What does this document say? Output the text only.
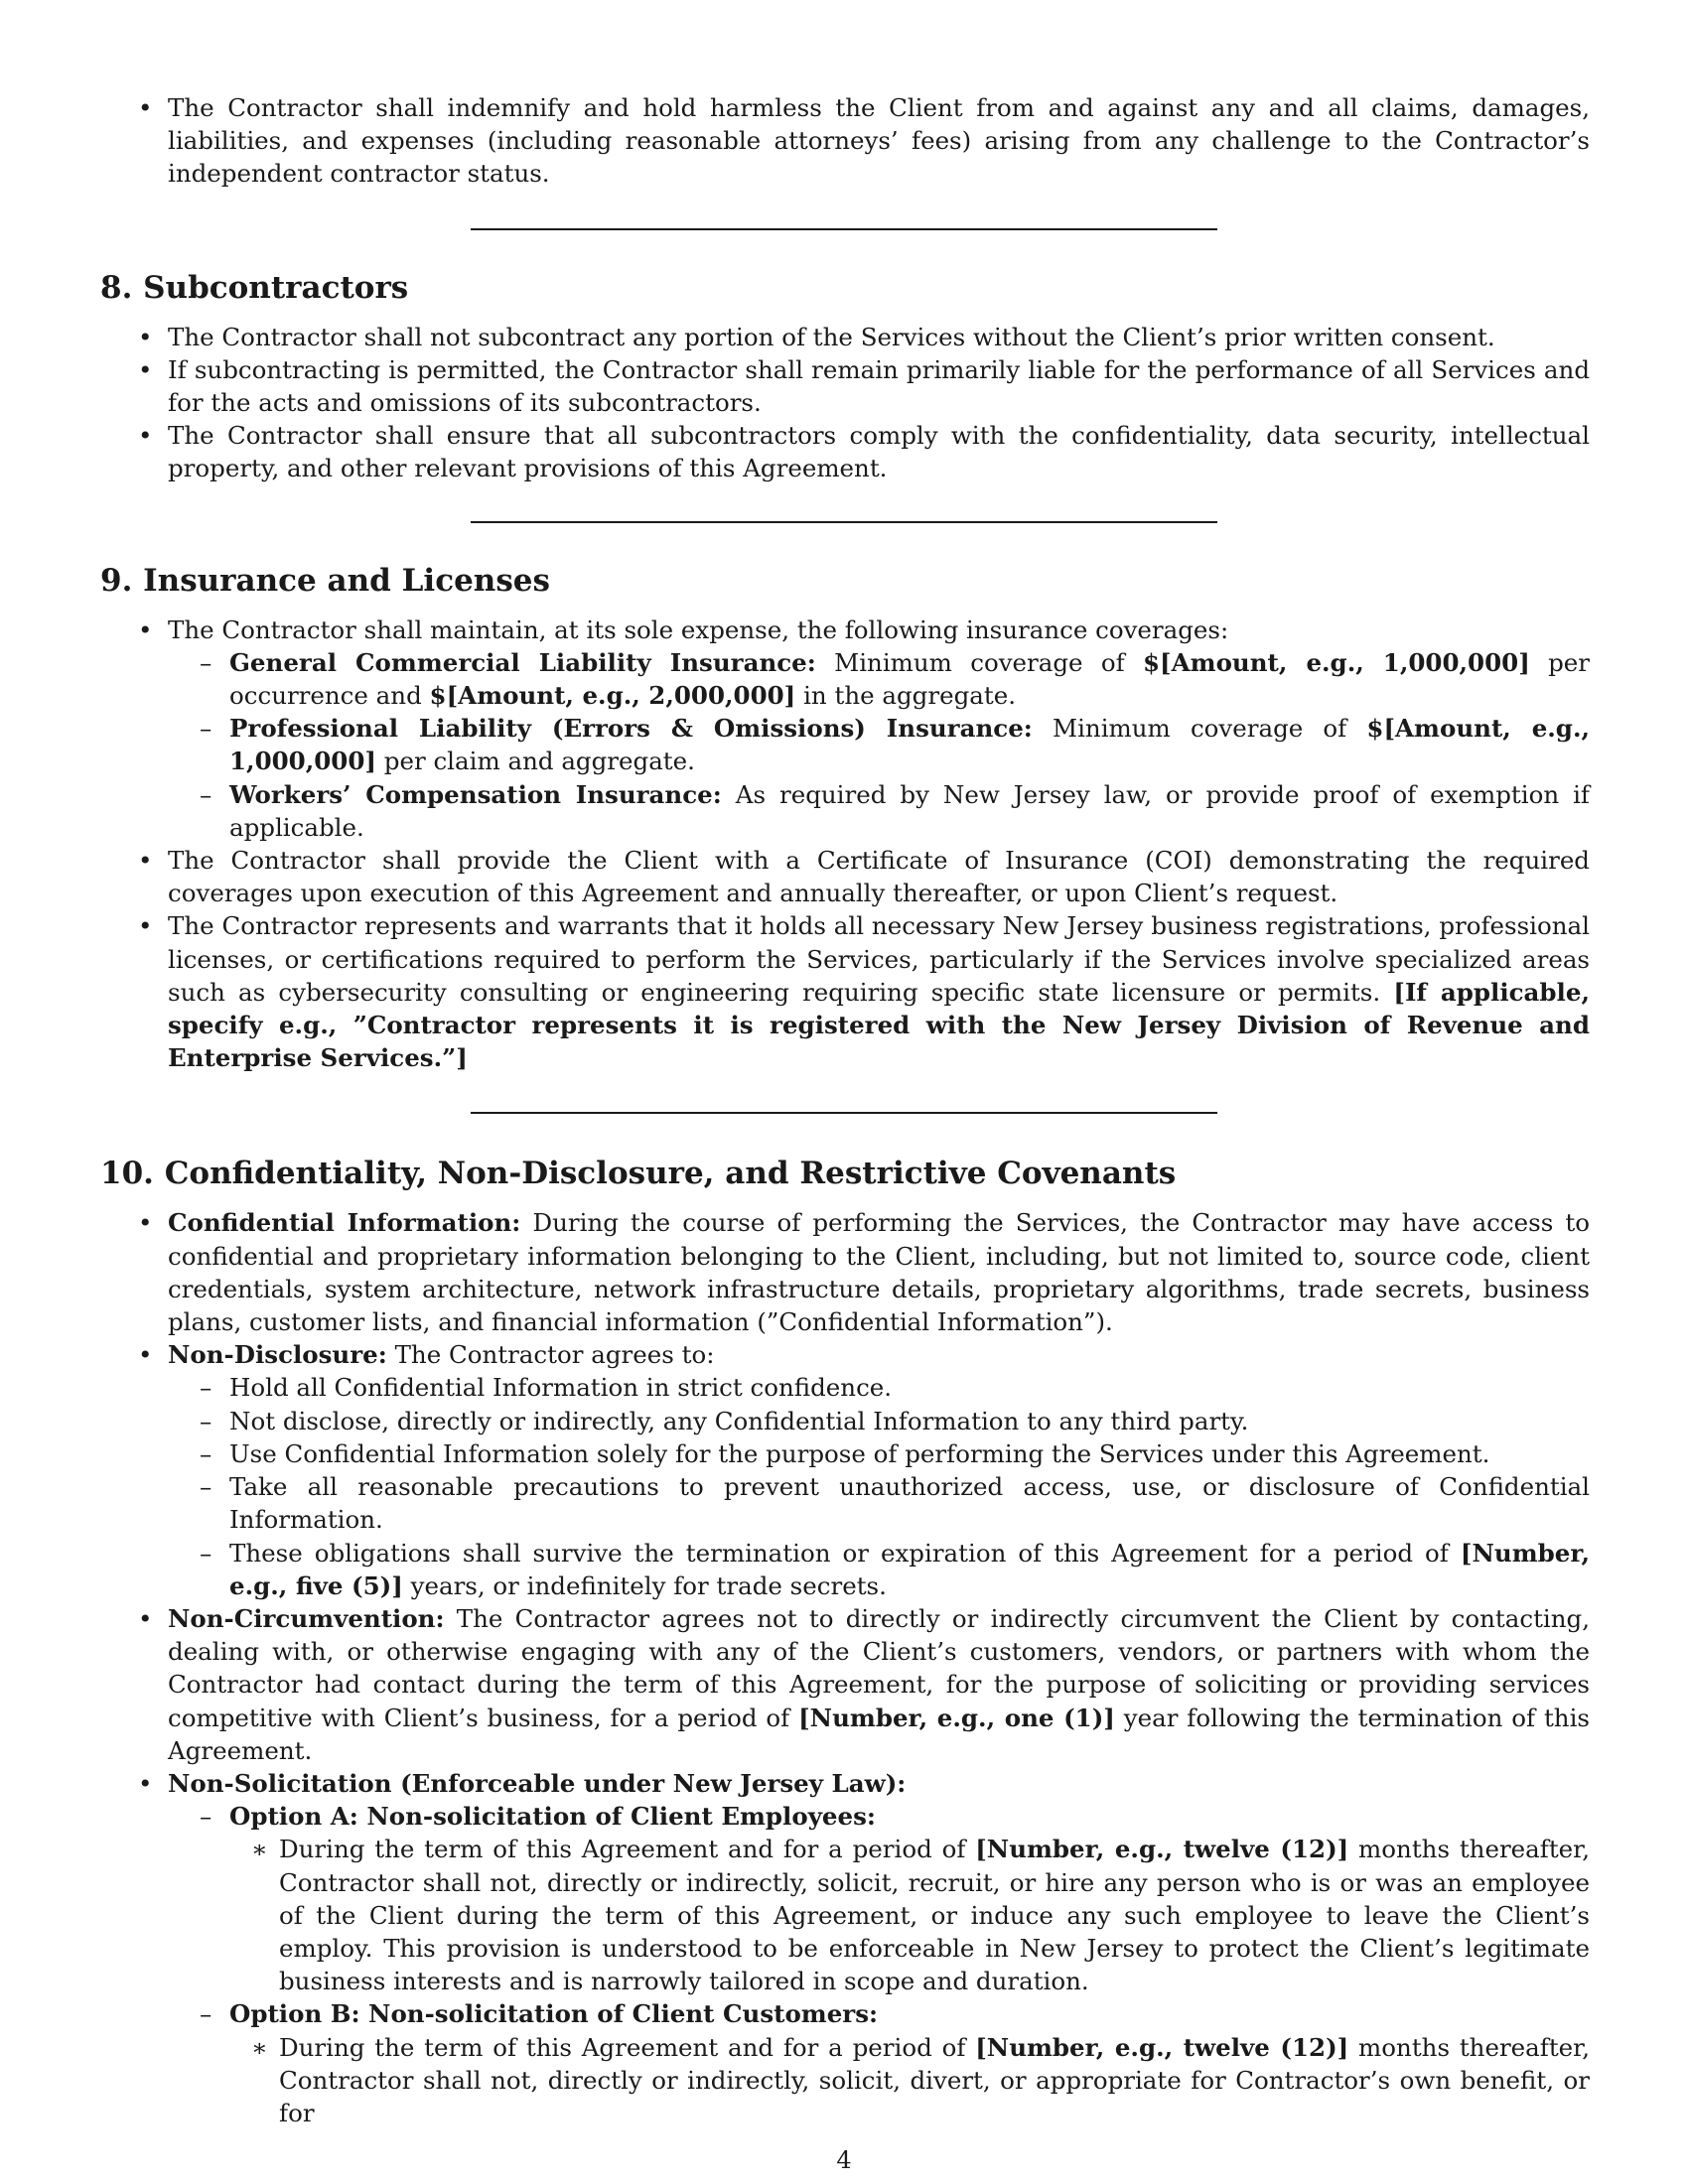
• The Contractor shall indemnify and hold harmless the Client from and against any and all claims, damages, liabilities, and expenses (including reasonable attorneys’ fees) arising from any challenge to the Contractor’s independent contractor status.
8. Subcontractors
• The Contractor shall not subcontract any portion of the Services without the Client’s prior written consent.
• If subcontracting is permitted, the Contractor shall remain primarily liable for the performance of all Services and for the acts and omissions of its subcontractors.
• The Contractor shall ensure that all subcontractors comply with the confidentiality, data security, intellectual property, and other relevant provisions of this Agreement.
9. Insurance and Licenses
• The Contractor shall maintain, at its sole expense, the following insurance coverages:
– General Commercial Liability Insurance: Minimum coverage of $[Amount, e.g., 1,000,000] per occurrence and $[Amount, e.g., 2,000,000] in the aggregate.
– Professional Liability (Errors & Omissions) Insurance: Minimum coverage of $[Amount, e.g., 1,000,000] per claim and aggregate.
– Workers’ Compensation Insurance: As required by New Jersey law, or provide proof of exemption if applicable.
• The Contractor shall provide the Client with a Certificate of Insurance (COI) demonstrating the required coverages upon execution of this Agreement and annually thereafter, or upon Client’s request.
• The Contractor represents and warrants that it holds all necessary New Jersey business registrations, professional licenses, or certifications required to perform the Services, particularly if the Services involve specialized areas such as cybersecurity consulting or engineering requiring specific state licensure or permits. [If applicable, specify e.g., ”Contractor represents it is registered with the New Jersey Division of Revenue and Enterprise Services.”]
10. Confidentiality, Non-Disclosure, and Restrictive Covenants
• Confidential Information: During the course of performing the Services, the Contractor may have access to confidential and proprietary information belonging to the Client, including, but not limited to, source code, client credentials, system architecture, network infrastructure details, proprietary algorithms, trade secrets, business plans, customer lists, and financial information (”Confidential Information”).
• Non-Disclosure: The Contractor agrees to:
– Hold all Confidential Information in strict confidence.
– Not disclose, directly or indirectly, any Confidential Information to any third party.
– Use Confidential Information solely for the purpose of performing the Services under this Agreement.
– Take all reasonable precautions to prevent unauthorized access, use, or disclosure of Confidential Information.
– These obligations shall survive the termination or expiration of this Agreement for a period of [Number, e.g., five (5)] years, or indefinitely for trade secrets.
• Non-Circumvention: The Contractor agrees not to directly or indirectly circumvent the Client by contacting, dealing with, or otherwise engaging with any of the Client’s customers, vendors, or partners with whom the Contractor had contact during the term of this Agreement, for the purpose of soliciting or providing services competitive with Client’s business, for a period of [Number, e.g., one (1)] year following the termination of this Agreement.
• Non-Solicitation (Enforceable under New Jersey Law):
– Option A: Non-solicitation of Client Employees:
∗ During the term of this Agreement and for a period of [Number, e.g., twelve (12)] months thereafter, Contractor shall not, directly or indirectly, solicit, recruit, or hire any person who is or was an employee of the Client during the term of this Agreement, or induce any such employee to leave the Client’s employ. This provision is understood to be enforceable in New Jersey to protect the Client’s legitimate business interests and is narrowly tailored in scope and duration.
– Option B: Non-solicitation of Client Customers:
∗ During the term of this Agreement and for a period of [Number, e.g., twelve (12)] months thereafter, Contractor shall not, directly or indirectly, solicit, divert, or appropriate for Contractor’s own benefit, or for
4
